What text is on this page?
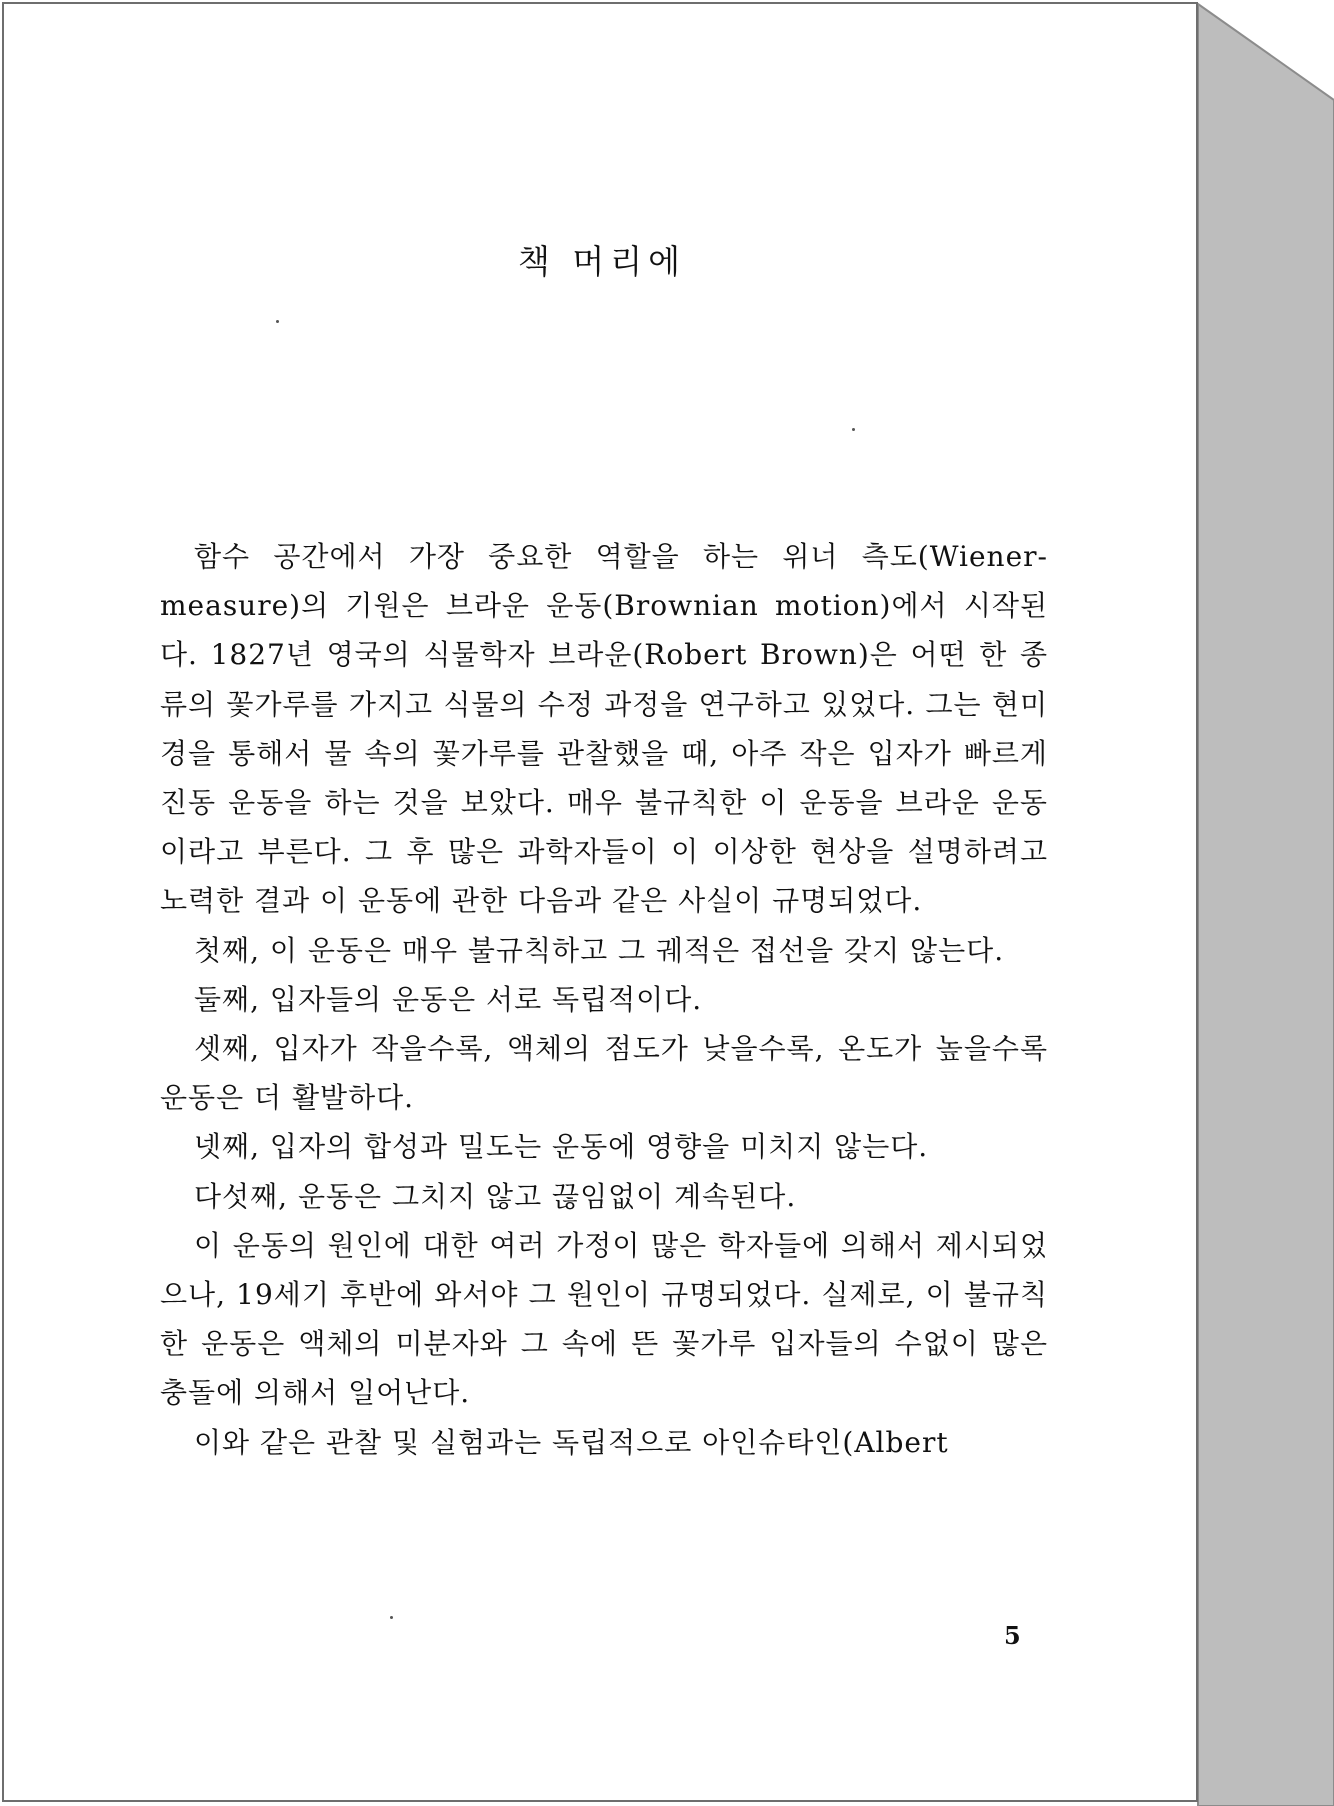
책 머리에

함수 공간에서 가장 중요한 역할을 하는 위너 측도(Wiener-measure)의 기원은 브라운 운동(Brownian motion)에서 시작된다. 1827년 영국의 식물학자 브라운(Robert Brown)은 어떤 한 종류의 꽃가루를 가지고 식물의 수정 과정을 연구하고 있었다. 그는 현미경을 통해서 물 속의 꽃가루를 관찰했을 때, 아주 작은 입자가 빠르게 진동 운동을 하는 것을 보았다. 매우 불규칙한 이 운동을 브라운 운동이라고 부른다. 그 후 많은 과학자들이 이 이상한 현상을 설명하려고 노력한 결과 이 운동에 관한 다음과 같은 사실이 규명되었다.

첫째, 이 운동은 매우 불규칙하고 그 궤적은 접선을 갖지 않는다.

둘째, 입자들의 운동은 서로 독립적이다.

셋째, 입자가 작을수록, 액체의 점도가 낮을수록, 온도가 높을수록 운동은 더 활발하다.

넷째, 입자의 합성과 밀도는 운동에 영향을 미치지 않는다.

다섯째, 운동은 그치지 않고 끊임없이 계속된다.

이 운동의 원인에 대한 여러 가정이 많은 학자들에 의해서 제시되었으나, 19세기 후반에 와서야 그 원인이 규명되었다. 실제로, 이 불규칙한 운동은 액체의 미분자와 그 속에 뜬 꽃가루 입자들의 수없이 많은 충돌에 의해서 일어난다.

이와 같은 관찰 및 실험과는 독립적으로 아인슈타인(Albert

5
